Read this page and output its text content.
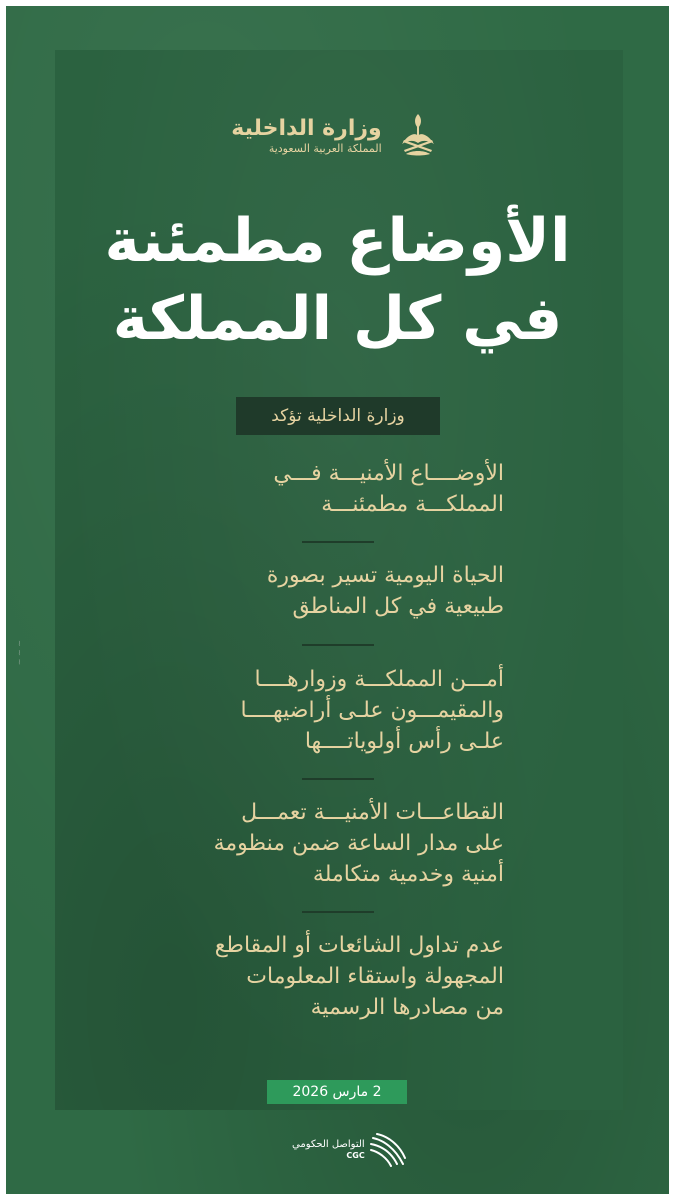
وزارة الداخلية
المملكة العربية السعودية
الأوضاع مطمئنة
في كل المملكة
وزارة الداخلية تؤكد
الأوضــــاع الأمنيـــة فـــي
المملكـــة مطمئنـــة
الحياة اليومية تسير بصورة
طبيعية في كل المناطق
أمـــن المملكـــة وزوارهــــا
والمقيمـــون علـى أراضيهــــا
علـى رأس أولوياتــــها
القطاعـــات الأمنيـــة تعمـــل
على مدار الساعة ضمن منظومة
أمنية وخدمية متكاملة
عدم تداول الشائعات أو المقاطع
المجهولة واستقاء المعلومات
من مصادرها الرسمية
2 مارس 2026
التواصل الحكومي
CGC
~ ~ ~
